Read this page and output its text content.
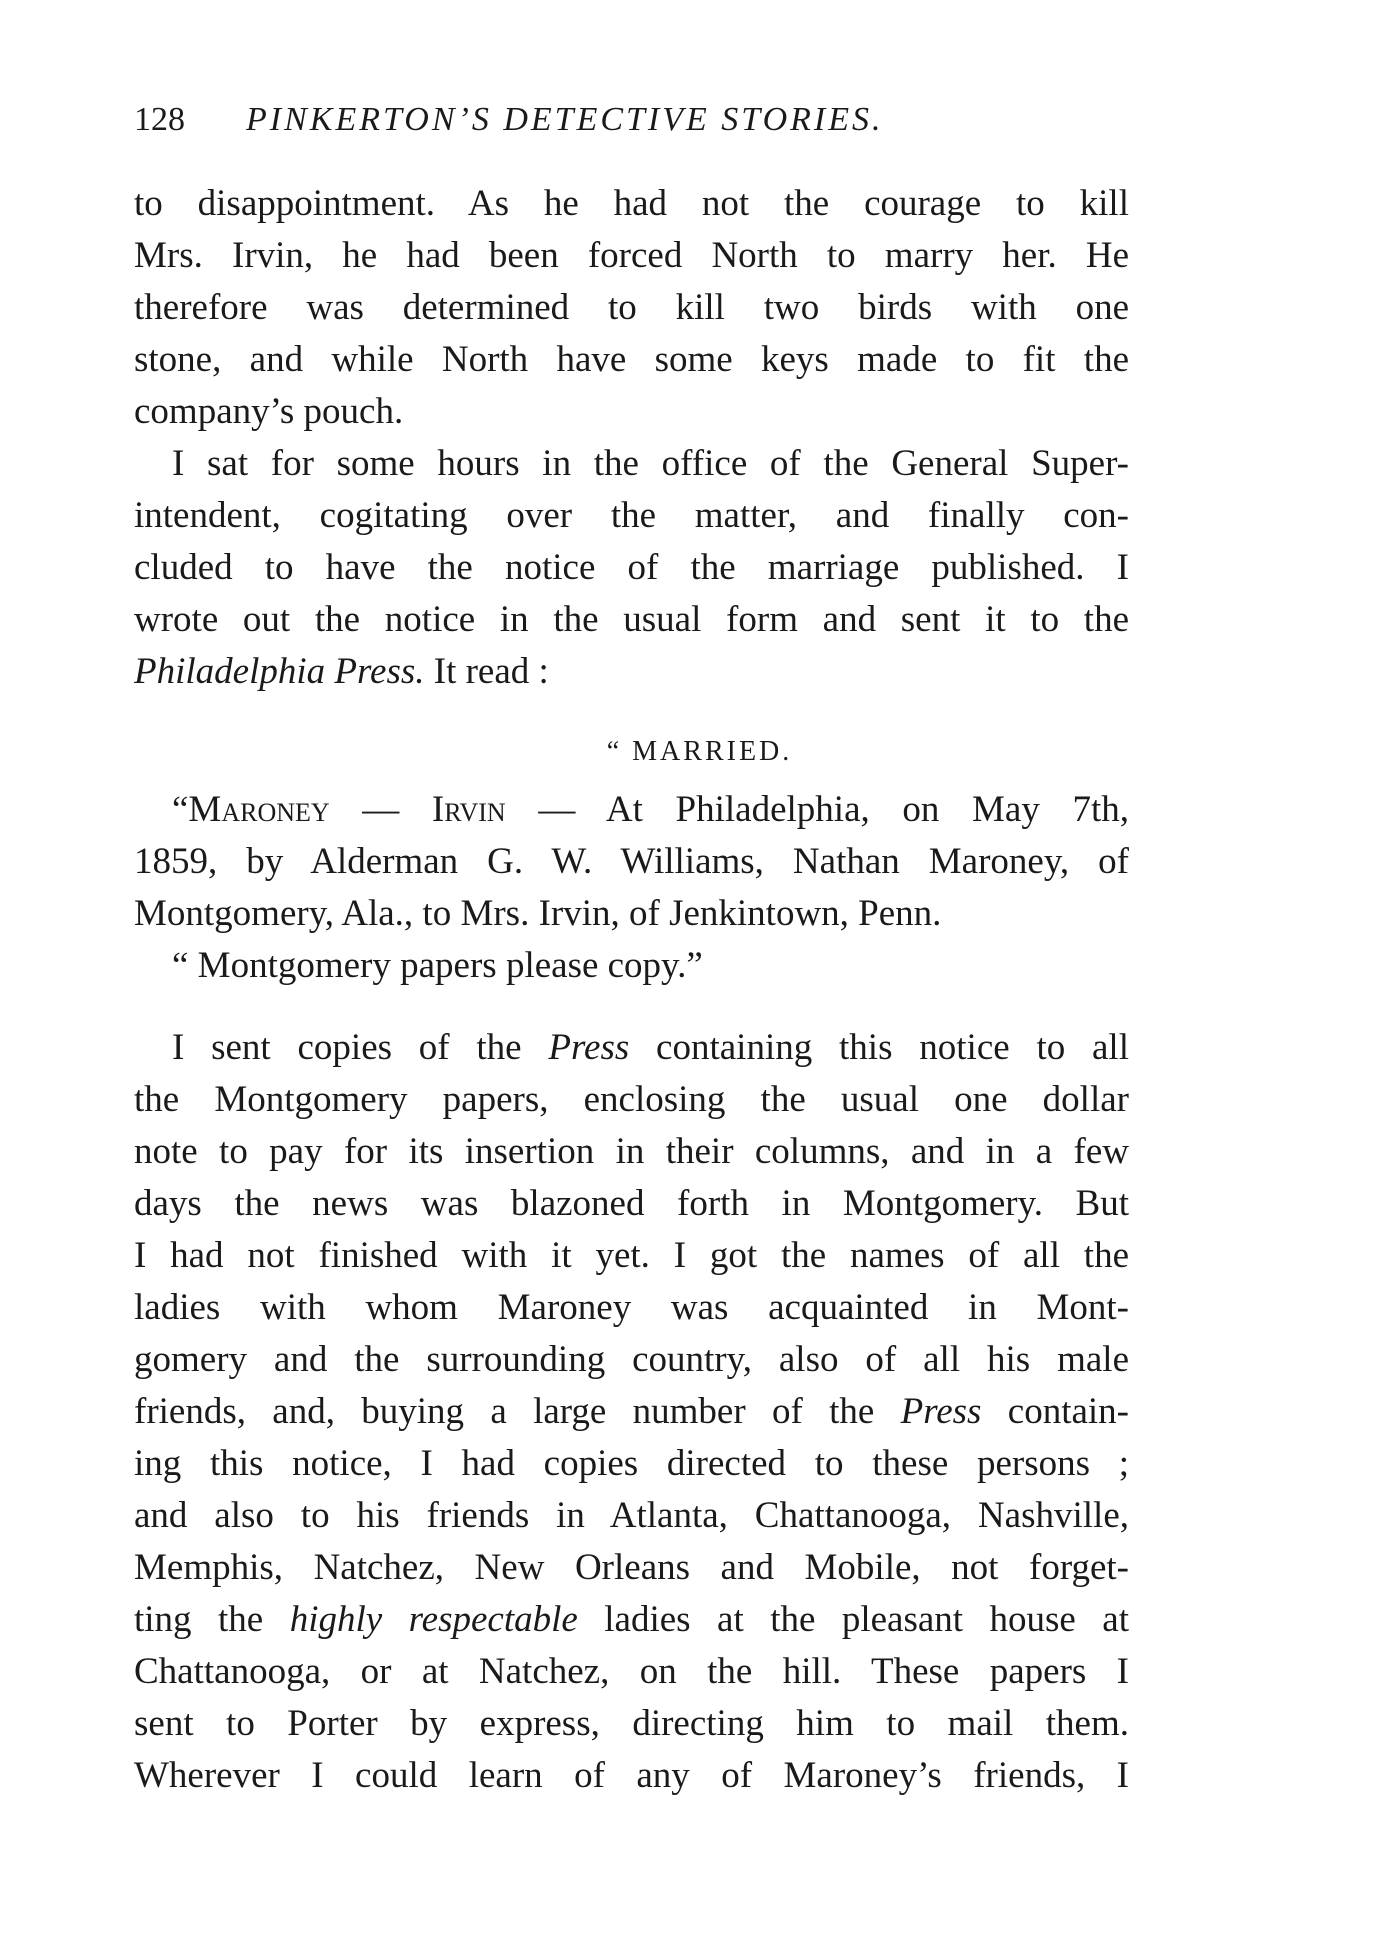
128 PINKERTON’S DETECTIVE STORIES.
to disappointment. As he had not the courage to kill
Mrs. Irvin, he had been forced North to marry her. He
therefore was determined to kill two birds with one
stone, and while North have some keys made to fit the
company’s pouch.
I sat for some hours in the office of the General Super-
intendent, cogitating over the matter, and finally con-
cluded to have the notice of the marriage published. I
wrote out the notice in the usual form and sent it to the
Philadelphia Press. It read :
“ MARRIED.
“Maroney — Irvin — At Philadelphia, on May 7th,
1859, by Alderman G. W. Williams, Nathan Maroney, of
Montgomery, Ala., to Mrs. Irvin, of Jenkintown, Penn.
“ Montgomery papers please copy.”
I sent copies of the Press containing this notice to all
the Montgomery papers, enclosing the usual one dollar
note to pay for its insertion in their columns, and in a few
days the news was blazoned forth in Montgomery. But
I had not finished with it yet. I got the names of all the
ladies with whom Maroney was acquainted in Mont-
gomery and the surrounding country, also of all his male
friends, and, buying a large number of the Press contain-
ing this notice, I had copies directed to these persons ;
and also to his friends in Atlanta, Chattanooga, Nashville,
Memphis, Natchez, New Orleans and Mobile, not forget-
ting the highly respectable ladies at the pleasant house at
Chattanooga, or at Natchez, on the hill. These papers I
sent to Porter by express, directing him to mail them.
Wherever I could learn of any of Maroney’s friends, I
